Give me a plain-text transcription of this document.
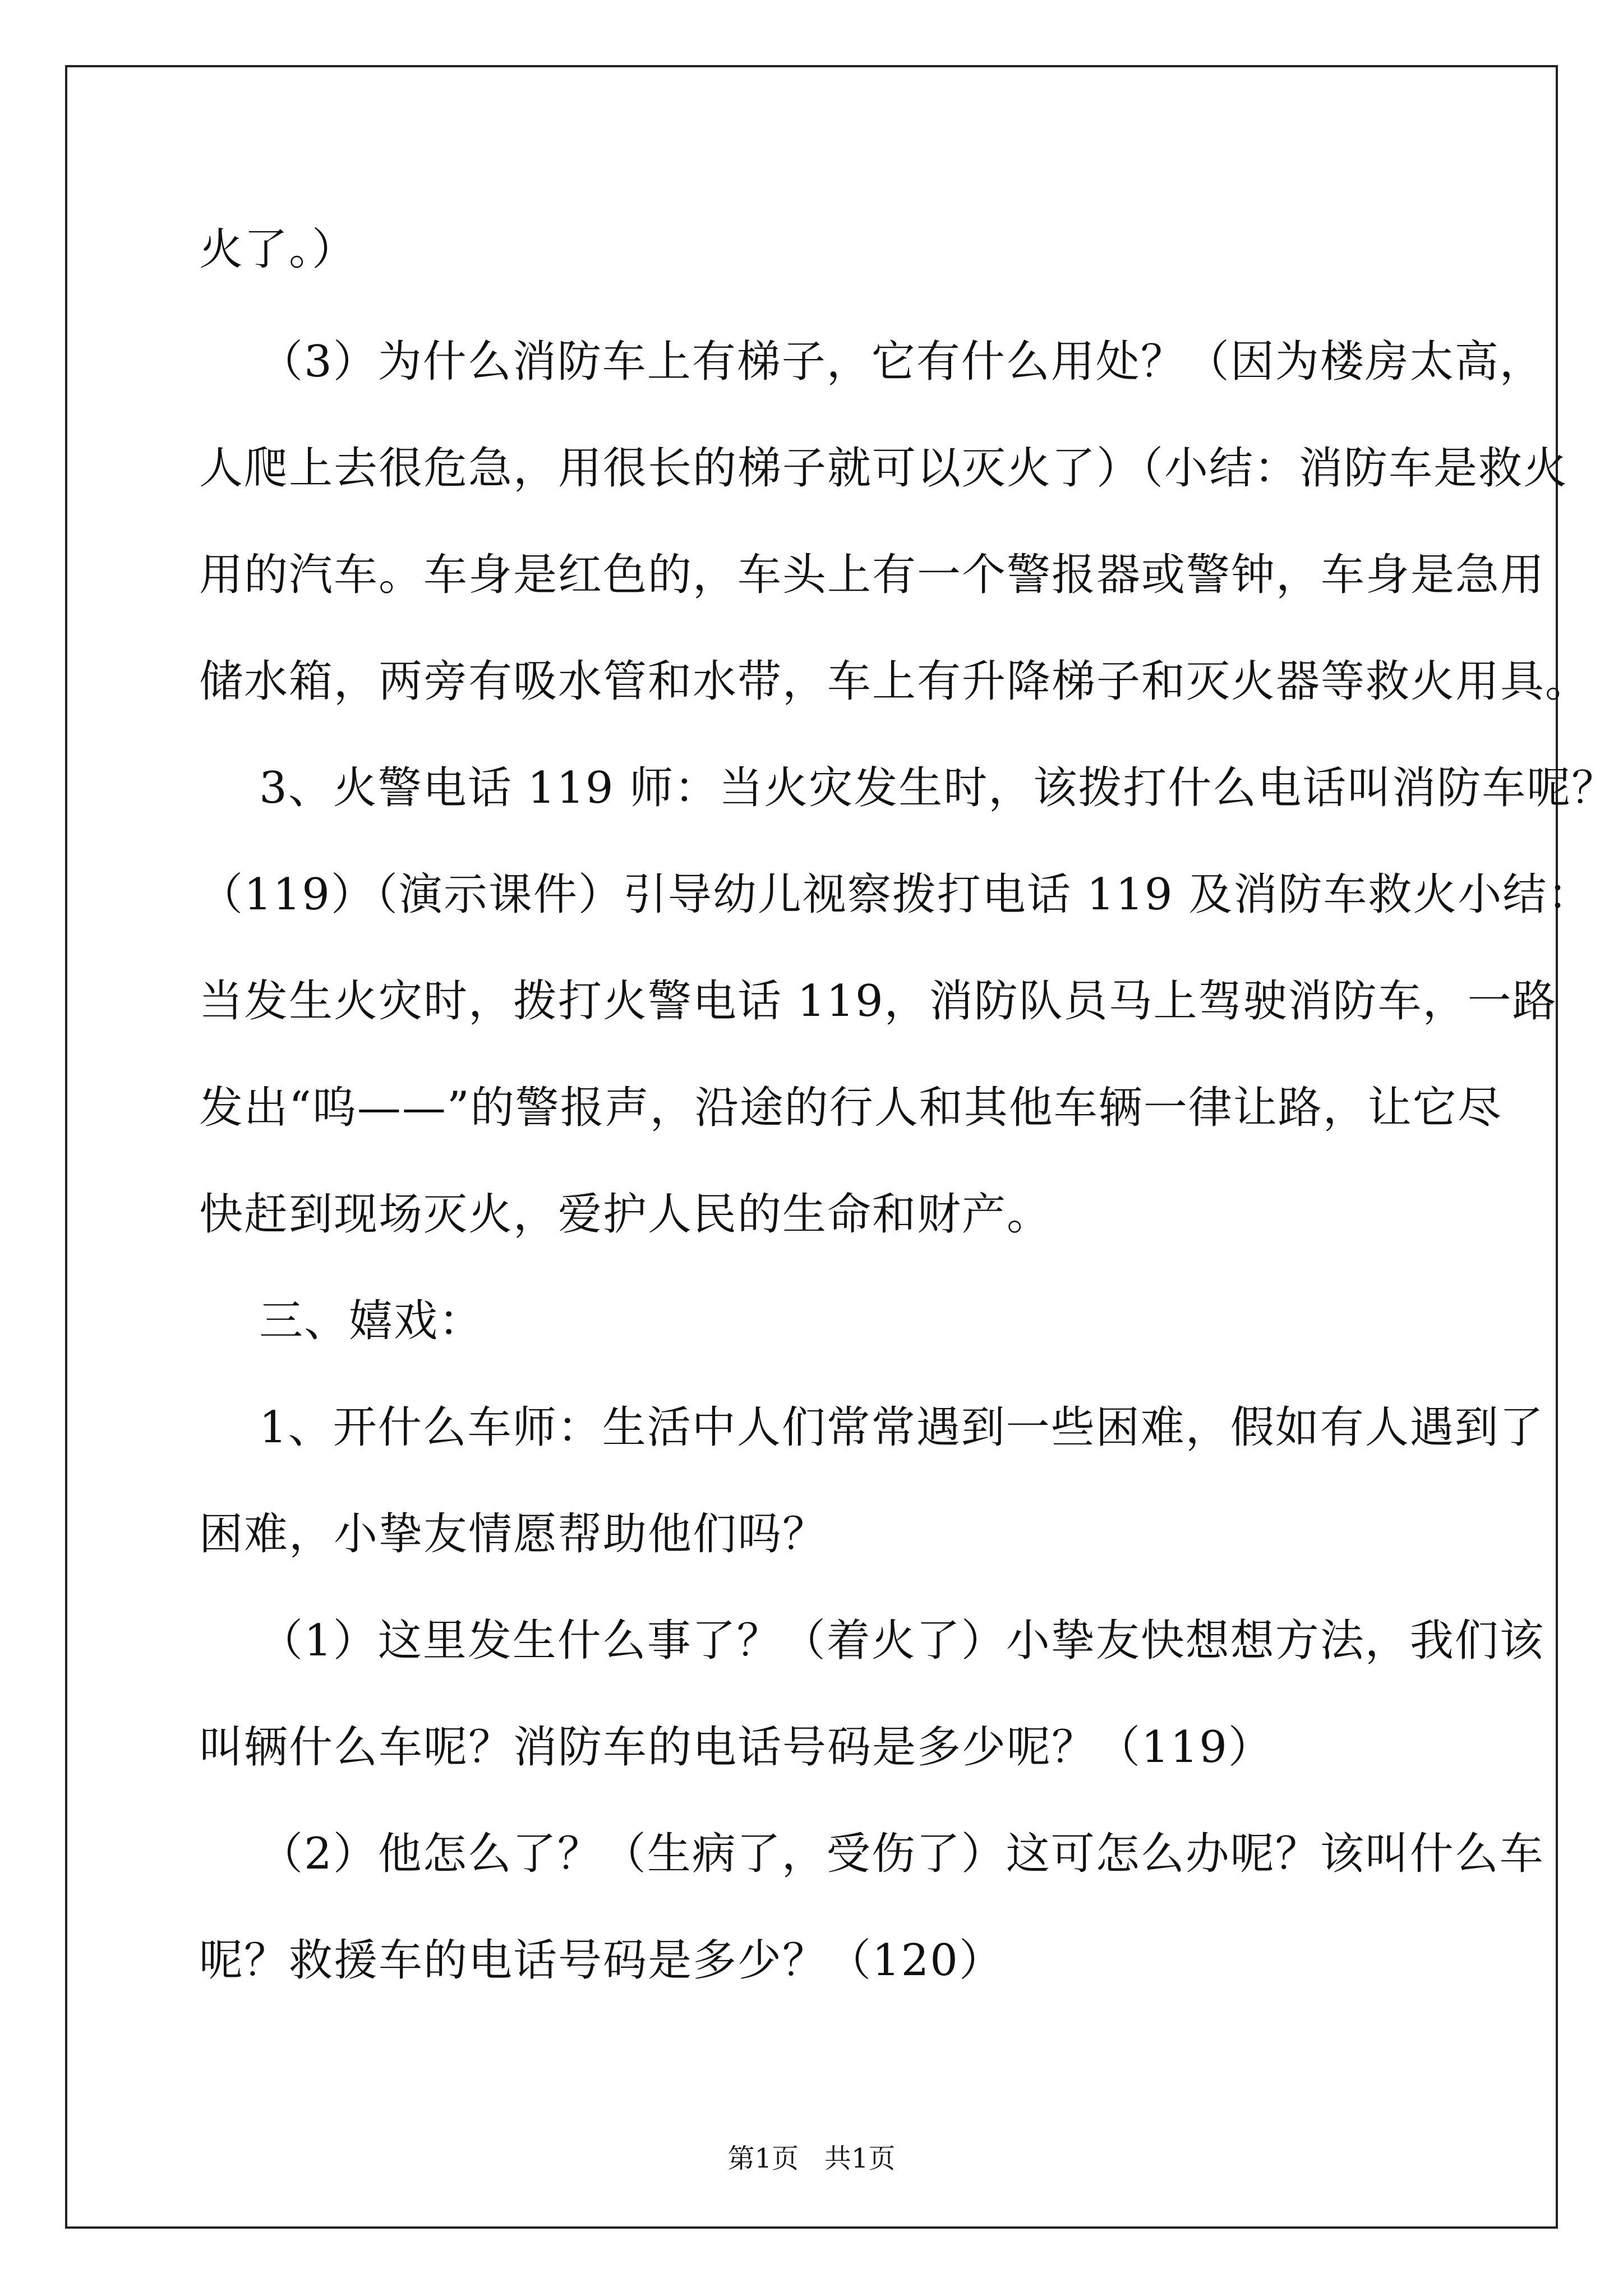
火了。）

（3）为什么消防车上有梯子，它有什么用处？（因为楼房太高，

人爬上去很危急，用很长的梯子就可以灭火了）（小结：消防车是救火

用的汽车。车身是红色的，车头上有一个警报器或警钟，车身是急用

储水箱，两旁有吸水管和水带，车上有升降梯子和灭火器等救火用具。

3、火警电话 119 师：当火灾发生时，该拨打什么电话叫消防车呢？

（119）（演示课件）引导幼儿视察拨打电话 119 及消防车救火小结：

当发生火灾时，拨打火警电话 119，消防队员马上驾驶消防车，一路

发出“呜——”的警报声，沿途的行人和其他车辆一律让路，让它尽

快赶到现场灭火，爱护人民的生命和财产。

三、嬉戏：

1、开什么车师：生活中人们常常遇到一些困难，假如有人遇到了

困难，小挚友情愿帮助他们吗？

（1）这里发生什么事了？（着火了）小挚友快想想方法，我们该

叫辆什么车呢？消防车的电话号码是多少呢？（119）

（2）他怎么了？（生病了，受伤了）这可怎么办呢？该叫什么车

呢？救援车的电话号码是多少？（120）

第1页   共1页
